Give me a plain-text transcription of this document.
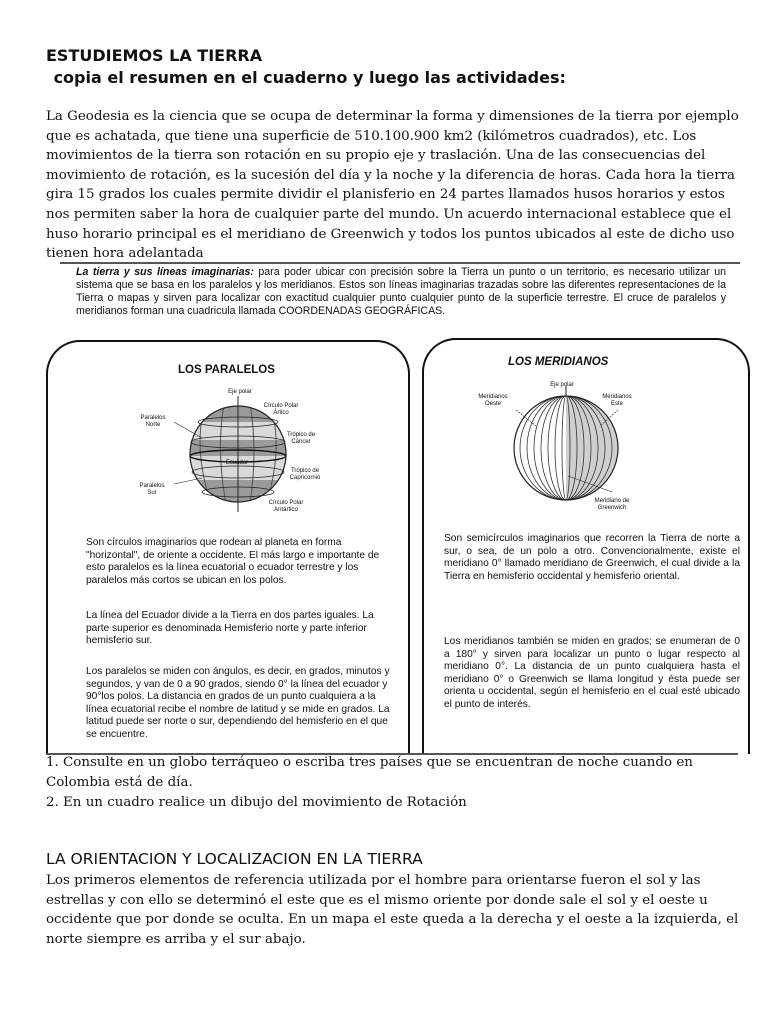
ESTUDIEMOS LA TIERRA
copia el resumen en el cuaderno y luego las actividades:

La Geodesia es la ciencia que se ocupa de determinar la forma y dimensiones de la tierra por ejemplo que es achatada, que tiene una superficie de 510.100.900 km2 (kilómetros cuadrados), etc. Los movimientos de la tierra son rotación en su propio eje y traslación. Una de las consecuencias del movimiento de rotación, es la sucesión del día y la noche y la diferencia de horas. Cada hora la tierra gira 15 grados los cuales permite dividir el planisferio en 24 partes llamados husos horarios y estos nos permiten saber la hora de cualquier parte del mundo. Un acuerdo internacional establece que el huso horario principal es el meridiano de Greenwich y todos los puntos ubicados al este de dicho uso tienen hora adelantada

La tierra y sus líneas imaginarias: para poder ubicar con precisión sobre la Tierra un punto o un territorio, es necesario utilizar un sistema que se basa en los paralelos y los meridianos. Estos son líneas imaginarias trazadas sobre las diferentes representaciones de la Tierra o mapas y sirven para localizar con exactitud cualquier punto cualquier punto de la superficie terrestre. El cruce de paralelos y meridianos forman una cuadricula llamada COORDENADAS GEOGRÁFICAS.

LOS PARALELOS
LOS MERIDIANOS
Eje polar
Círculo Polar Ártico
Paralelos Norte
Trópico de Cáncer
Ecuador
Trópico de Capricornio
Paralelos Sur
Círculo Polar Antártico
Eje polar
Meridianos Oeste
Meridianos Este
Meridiano de Greenwich

Son círculos imaginarios que rodean al planeta en forma "horizontal", de oriente a occidente. El más largo e importante de esto paralelos es la línea ecuatorial o ecuador terrestre y los paralelos más cortos se ubican en los polos.

La línea del Ecuador divide a la Tierra en dos partes iguales. La parte superior es denominada Hemisferio norte y parte inferior hemisferio sur.

Los paralelos se miden con ángulos, es decir, en grados, minutos y segundos, y van de 0 a 90 grados, siendo 0° la línea del ecuador y 90°los polos. La distancia en grados de un punto cualquiera a la línea ecuatorial recibe el nombre de latitud y se mide en grados. La latitud puede ser norte o sur, dependiendo del hemisferio en el que se encuentre.

Son semicírculos imaginarios que recorren la Tierra de norte a sur, o sea, de un polo a otro. Convencionalmente, existe el meridiano 0° llamado meridiano de Greenwich, el cual divide a la Tierra en hemisferio occidental y hemisferio oriental.

Los meridianos también se miden en grados; se enumeran de 0 a 180° y sirven para localizar un punto o lugar respecto al meridiano 0°. La distancia de un punto cualquiera hasta el meridiano 0° o Greenwich se llama longitud y ésta puede ser orienta u occidental, según el hemisferio en el cual esté ubicado el punto de interés.

1. Consulte en un globo terráqueo o escriba tres países que se encuentran de noche cuando en Colombia está de día.

2. En un cuadro realice un dibujo del movimiento de Rotación

LA ORIENTACION Y LOCALIZACION EN LA TIERRA

Los primeros elementos de referencia utilizada por el hombre para orientarse fueron el sol y las estrellas y con ello se determinó el este que es el mismo oriente por donde sale el sol y el oeste u occidente que por donde se oculta. En un mapa el este queda a la derecha y el oeste a la izquierda, el norte siempre es arriba y el sur abajo.
